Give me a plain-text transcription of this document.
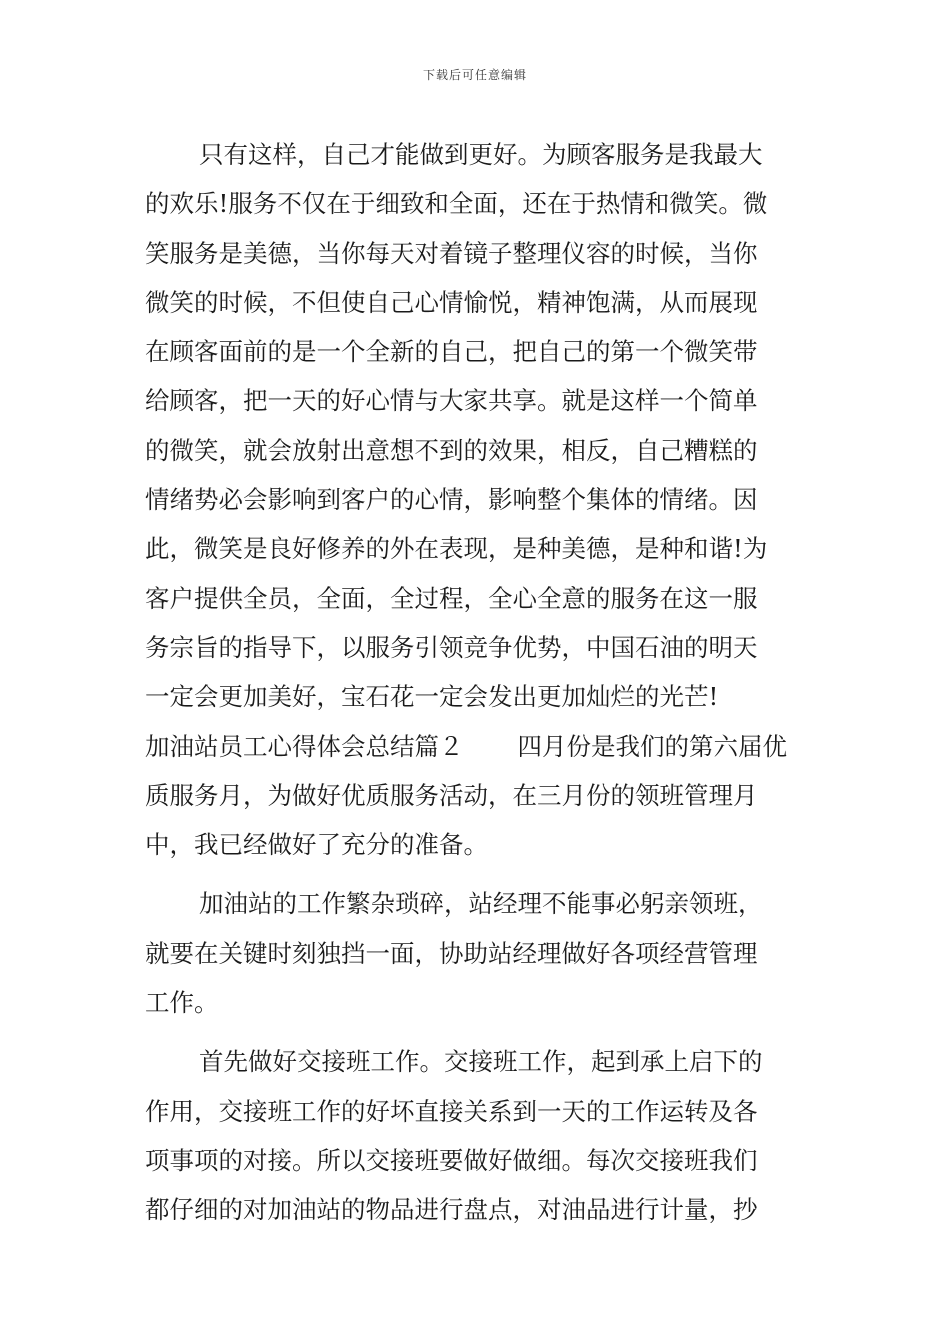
下载后可任意编辑
只有这样，自己才能做到更好。为顾客服务是我最大
的欢乐!服务不仅在于细致和全面，还在于热情和微笑。微
笑服务是美德，当你每天对着镜子整理仪容的时候，当你
微笑的时候，不但使自己心情愉悦，精神饱满，从而展现
在顾客面前的是一个全新的自己，把自己的第一个微笑带
给顾客，把一天的好心情与大家共享。就是这样一个简单
的微笑，就会放射出意想不到的效果，相反，自己糟糕的
情绪势必会影响到客户的心情，影响整个集体的情绪。因
此，微笑是良好修养的外在表现，是种美德，是种和谐!为
客户提供全员，全面，全过程，全心全意的服务在这一服
务宗旨的指导下，以服务引领竞争优势，中国石油的明天
一定会更加美好，宝石花一定会发出更加灿烂的光芒!
加油站员工心得体会总结篇２ 四月份是我们的第六届优
质服务月，为做好优质服务活动，在三月份的领班管理月
中，我已经做好了充分的准备。
加油站的工作繁杂琐碎，站经理不能事必躬亲领班，
就要在关键时刻独挡一面，协助站经理做好各项经营管理
工作。
首先做好交接班工作。交接班工作，起到承上启下的
作用，交接班工作的好坏直接关系到一天的工作运转及各
项事项的对接。所以交接班要做好做细。每次交接班我们
都仔细的对加油站的物品进行盘点，对油品进行计量，抄
